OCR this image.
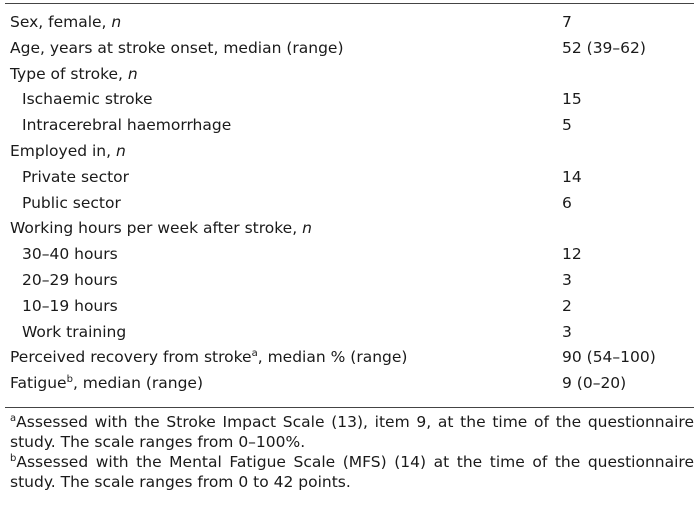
Sex, female, n	7
Age, years at stroke onset, median (range)	52 (39–62)
Type of stroke, n
Ischaemic stroke	15
Intracerebral haemorrhage	5
Employed in, n
Private sector	14
Public sector	6
Working hours per week after stroke, n
30–40 hours	12
20–29 hours	3
10–19 hours	2
Work training	3
Perceived recovery from stroke$^a$, median % (range)	90 (54–100)
Fatigue$^b$, median (range)	9 (0–20)
$^a$Assessed with the Stroke Impact Scale (13), item 9, at the time of the questionnaire study. The scale ranges from 0–100%.
$^b$Assessed with the Mental Fatigue Scale (MFS) (14) at the time of the questionnaire study. The scale ranges from 0 to 42 points.
